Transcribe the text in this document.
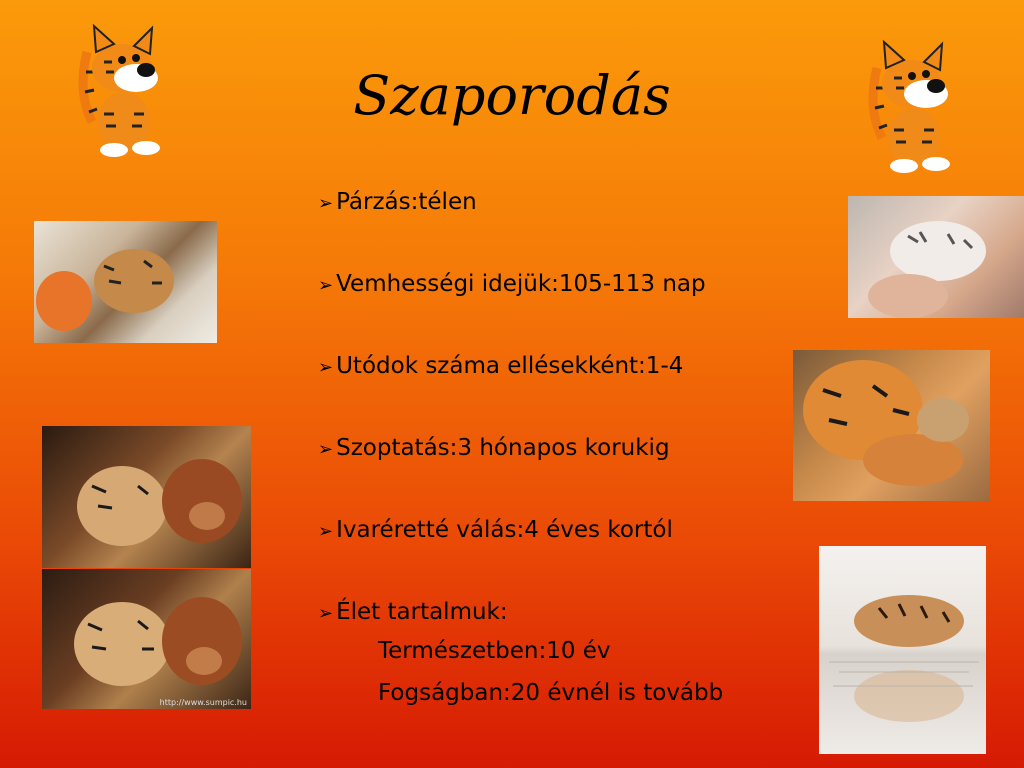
Szaporodás
http://www.sumpic.hu
➢ Párzás:télen
➢ Vemhességi idejük:105-113 nap
➢ Utódok száma ellésekként:1-4
➢ Szoptatás:3 hónapos korukig
➢ Ivaréretté válás:4 éves kortól
➢ Élet tartalmuk:
Természetben:10 év
Fogságban:20 évnél is tovább
